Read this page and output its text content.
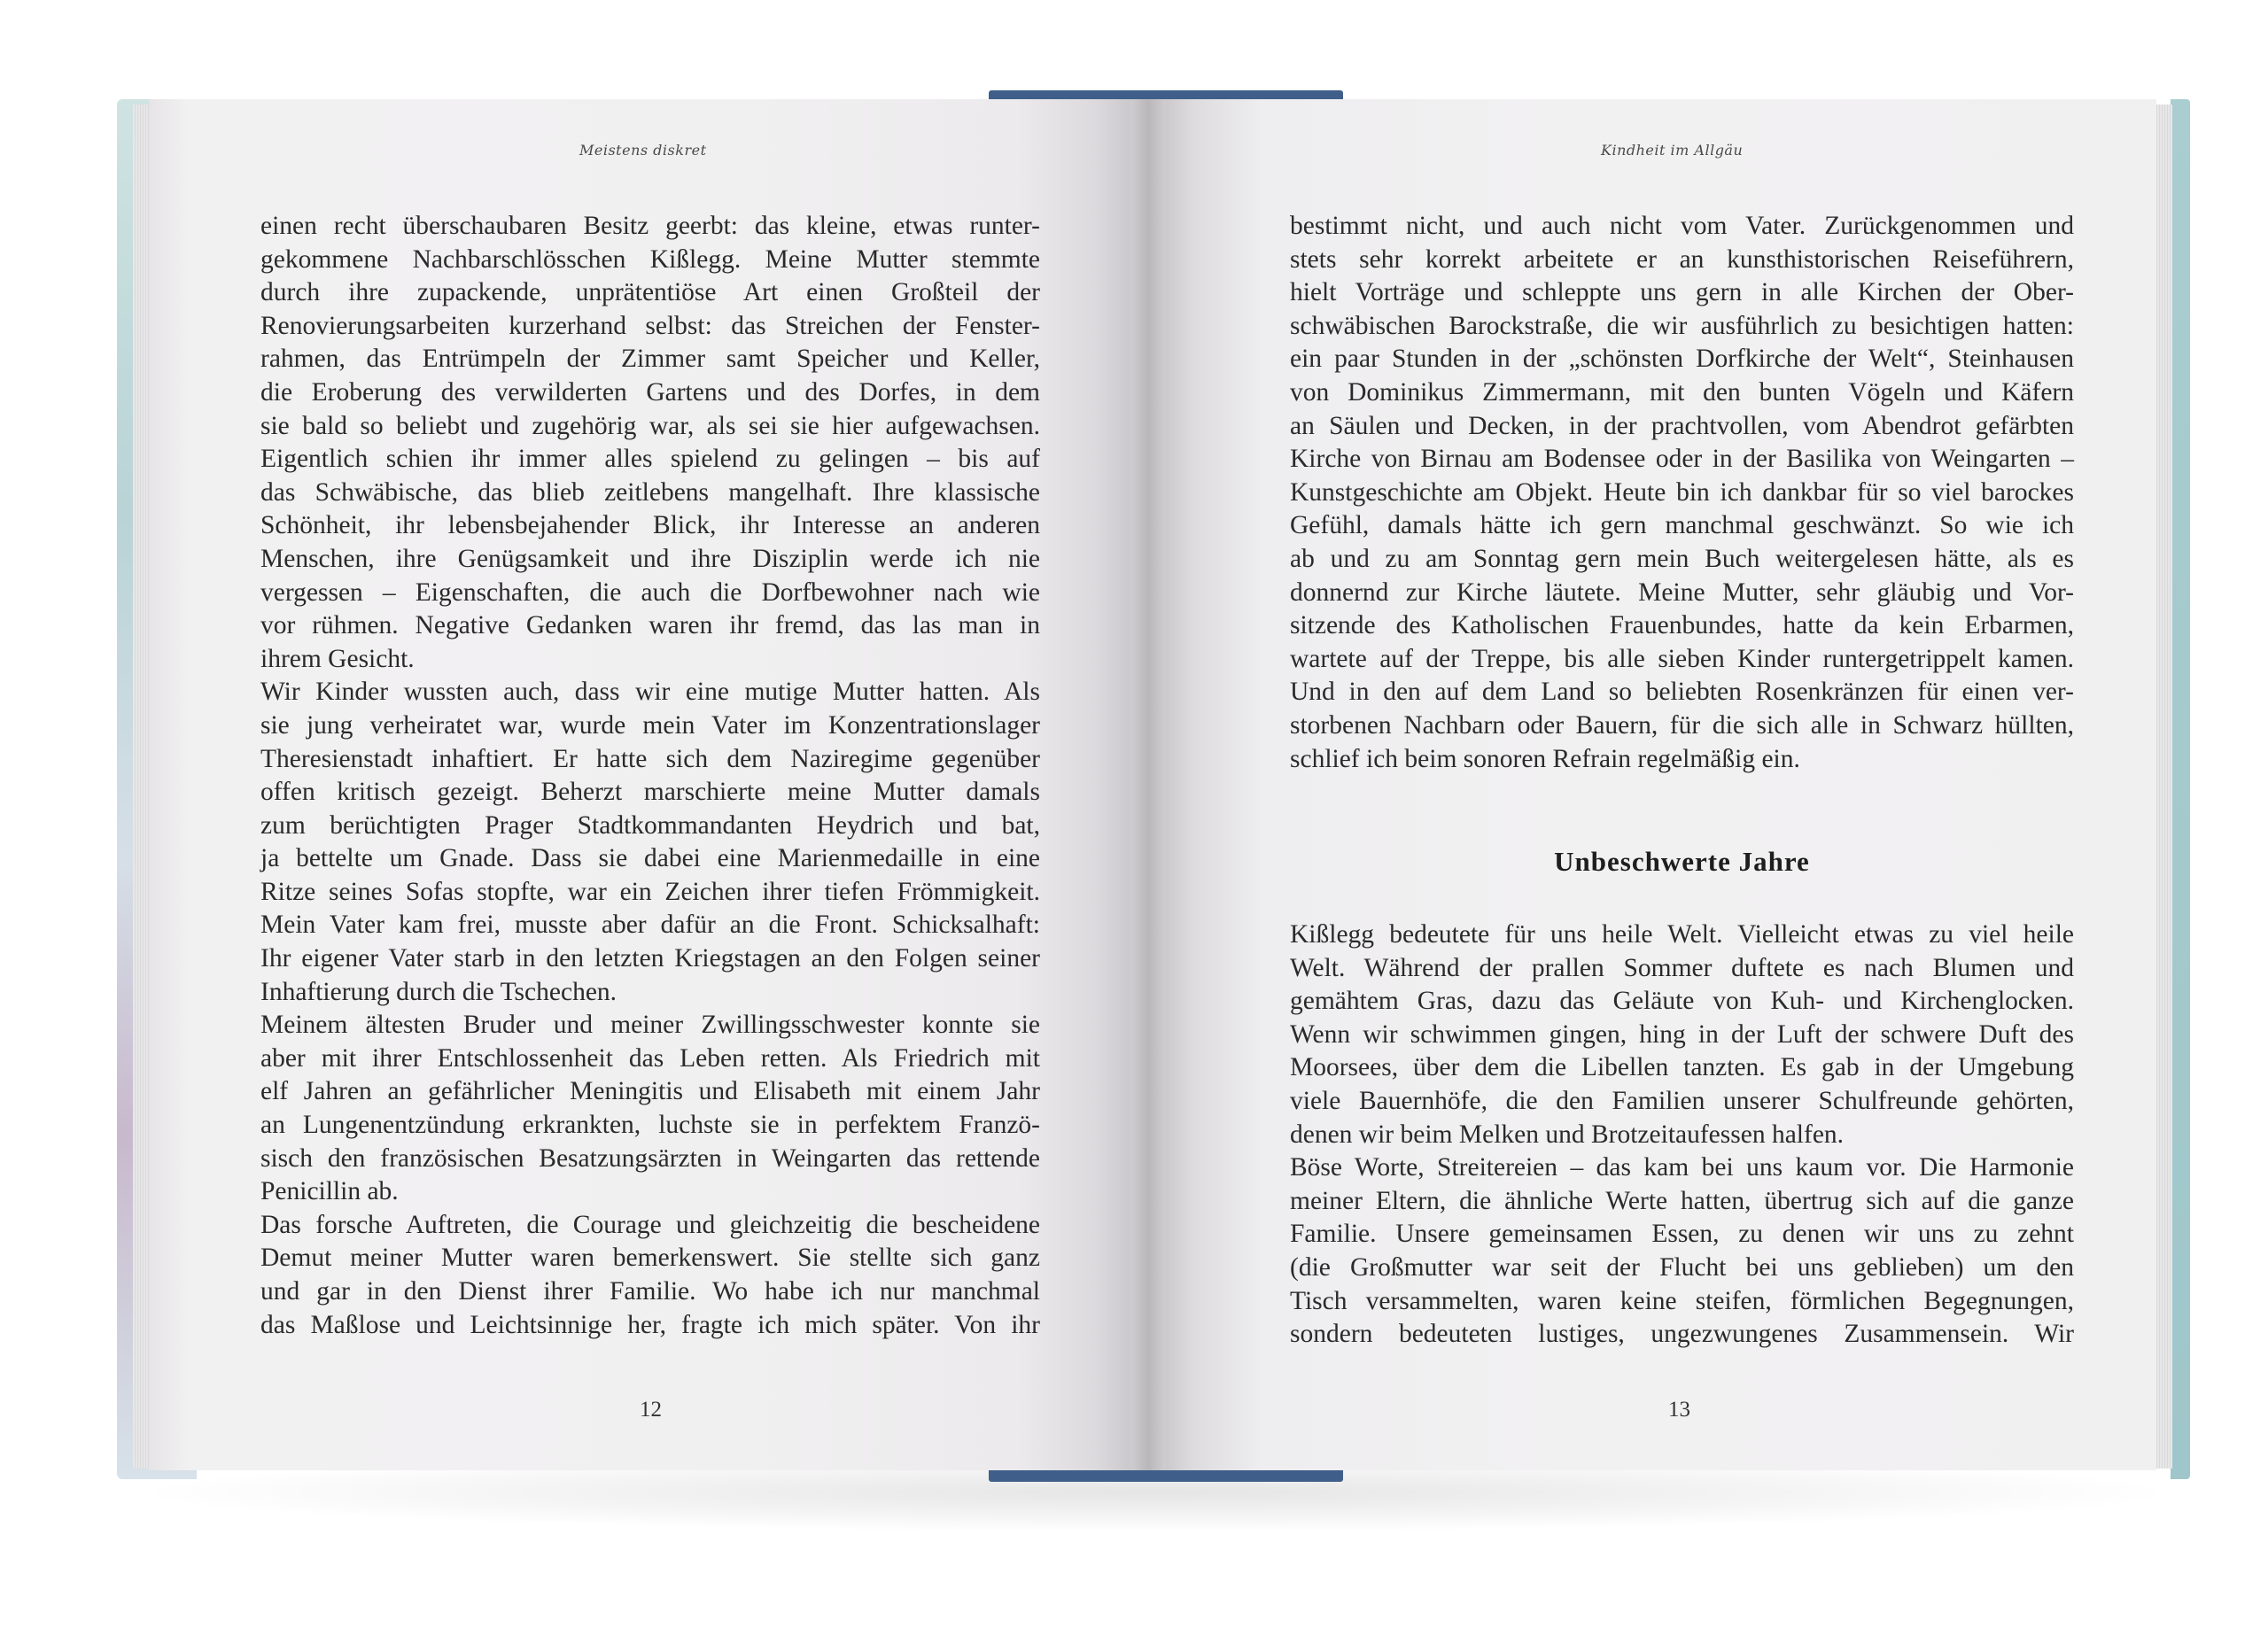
Meistens diskret	Kindheit im Allgäu
einen recht überschaubaren Besitz geerbt: das kleine, etwas runter-
gekommene Nachbarschlösschen Kißlegg. Meine Mutter stemmte
durch ihre zupackende, unprätentiöse Art einen Großteil der
Renovierungsarbeiten kurzerhand selbst: das Streichen der Fenster-
rahmen, das Entrümpeln der Zimmer samt Speicher und Keller,
die Eroberung des verwilderten Gartens und des Dorfes, in dem
sie bald so beliebt und zugehörig war, als sei sie hier aufgewachsen.
Eigentlich schien ihr immer alles spielend zu gelingen – bis auf
das Schwäbische, das blieb zeitlebens mangelhaft. Ihre klassische
Schönheit, ihr lebensbejahender Blick, ihr Interesse an anderen
Menschen, ihre Genügsamkeit und ihre Disziplin werde ich nie
vergessen – Eigenschaften, die auch die Dorfbewohner nach wie
vor rühmen. Negative Gedanken waren ihr fremd, das las man in
ihrem Gesicht.
Wir Kinder wussten auch, dass wir eine mutige Mutter hatten. Als
sie jung verheiratet war, wurde mein Vater im Konzentrationslager
Theresienstadt inhaftiert. Er hatte sich dem Naziregime gegenüber
offen kritisch gezeigt. Beherzt marschierte meine Mutter damals
zum berüchtigten Prager Stadtkommandanten Heydrich und bat,
ja bettelte um Gnade. Dass sie dabei eine Marienmedaille in eine
Ritze seines Sofas stopfte, war ein Zeichen ihrer tiefen Frömmigkeit.
Mein Vater kam frei, musste aber dafür an die Front. Schicksalhaft:
Ihr eigener Vater starb in den letzten Kriegstagen an den Folgen seiner
Inhaftierung durch die Tschechen.
Meinem ältesten Bruder und meiner Zwillingsschwester konnte sie
aber mit ihrer Entschlossenheit das Leben retten. Als Friedrich mit
elf Jahren an gefährlicher Meningitis und Elisabeth mit einem Jahr
an Lungenentzündung erkrankten, luchste sie in perfektem Franzö-
sisch den französischen Besatzungsärzten in Weingarten das rettende
Penicillin ab.
Das forsche Auftreten, die Courage und gleichzeitig die bescheidene
Demut meiner Mutter waren bemerkenswert. Sie stellte sich ganz
und gar in den Dienst ihrer Familie. Wo habe ich nur manchmal
das Maßlose und Leichtsinnige her, fragte ich mich später. Von ihr
bestimmt nicht, und auch nicht vom Vater. Zurückgenommen und
stets sehr korrekt arbeitete er an kunsthistorischen Reiseführern,
hielt Vorträge und schleppte uns gern in alle Kirchen der Ober-
schwäbischen Barockstraße, die wir ausführlich zu besichtigen hatten:
ein paar Stunden in der „schönsten Dorfkirche der Welt“, Steinhausen
von Dominikus Zimmermann, mit den bunten Vögeln und Käfern
an Säulen und Decken, in der prachtvollen, vom Abendrot gefärbten
Kirche von Birnau am Bodensee oder in der Basilika von Weingarten –
Kunstgeschichte am Objekt. Heute bin ich dankbar für so viel barockes
Gefühl, damals hätte ich gern manchmal geschwänzt. So wie ich
ab und zu am Sonntag gern mein Buch weitergelesen hätte, als es
donnernd zur Kirche läutete. Meine Mutter, sehr gläubig und Vor-
sitzende des Katholischen Frauenbundes, hatte da kein Erbarmen,
wartete auf der Treppe, bis alle sieben Kinder runtergetrippelt kamen.
Und in den auf dem Land so beliebten Rosenkränzen für einen ver-
storbenen Nachbarn oder Bauern, für die sich alle in Schwarz hüllten,
schlief ich beim sonoren Refrain regelmäßig ein.
Unbeschwerte Jahre
Kißlegg bedeutete für uns heile Welt. Vielleicht etwas zu viel heile
Welt. Während der prallen Sommer duftete es nach Blumen und
gemähtem Gras, dazu das Geläute von Kuh- und Kirchenglocken.
Wenn wir schwimmen gingen, hing in der Luft der schwere Duft des
Moorsees, über dem die Libellen tanzten. Es gab in der Umgebung
viele Bauernhöfe, die den Familien unserer Schulfreunde gehörten,
denen wir beim Melken und Brotzeitaufessen halfen.
Böse Worte, Streitereien – das kam bei uns kaum vor. Die Harmonie
meiner Eltern, die ähnliche Werte hatten, übertrug sich auf die ganze
Familie. Unsere gemeinsamen Essen, zu denen wir uns zu zehnt
(die Großmutter war seit der Flucht bei uns geblieben) um den
Tisch versammelten, waren keine steifen, förmlichen Begegnungen,
sondern bedeuteten lustiges, ungezwungenes Zusammensein. Wir
12	13
